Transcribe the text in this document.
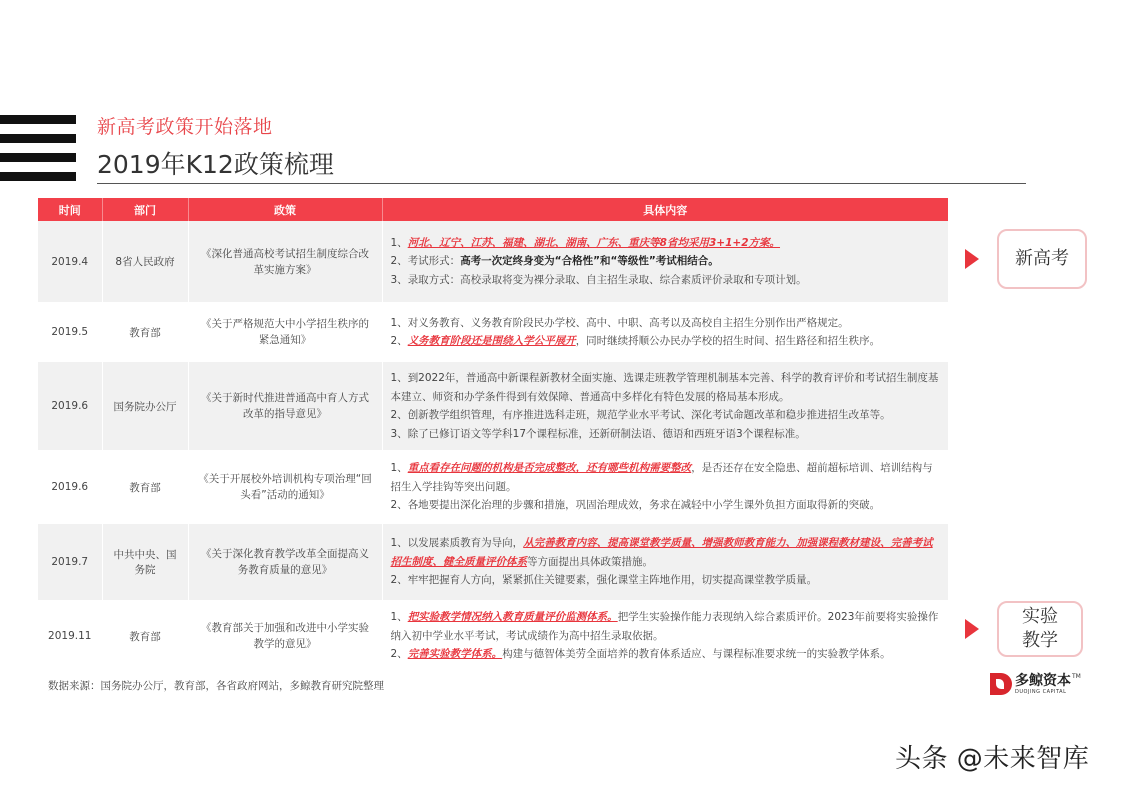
新高考政策开始落地
2019年K12政策梳理
时间	部门	政策	具体内容
2019.4	8省人民政府	《深化普通高校考试招生制度综合改革实施方案》	1、河北、辽宁、江苏、福建、湖北、湖南、广东、重庆等8省均采用3+1+2方案。
2、考试形式：高考一次定终身变为“合格性”和“等级性”考试相结合。
3、录取方式：高校录取将变为裸分录取、自主招生录取、综合素质评价录取和专项计划。

2019.5	教育部	《关于严格规范大中小学招生秩序的紧急通知》	1、对义务教育、义务教育阶段民办学校、高中、中职、高考以及高校自主招生分别作出严格规定。
2、义务教育阶段还是围绕入学公平展开，同时继续捋顺公办民办学校的招生时间、招生路径和招生秩序。

2019.6	国务院办公厅	《关于新时代推进普通高中育人方式改革的指导意见》	1、到2022年，普通高中新课程新教材全面实施、选课走班教学管理机制基本完善、科学的教育评价和考试招生制度基本建立、师资和办学条件得到有效保障、普通高中多样化有特色发展的格局基本形成。
2、创新教学组织管理，有序推进选科走班，规范学业水平考试、深化考试命题改革和稳步推进招生改革等。
3、除了已修订语文等学科17个课程标准，还新研制法语、德语和西班牙语3个课程标准。

2019.6	教育部	《关于开展校外培训机构专项治理“回头看”活动的通知》	1、重点看存在问题的机构是否完成整改，还有哪些机构需要整改，是否还存在安全隐患、超前超标培训、培训结构与招生入学挂钩等突出问题。
2、各地要提出深化治理的步骤和措施，巩固治理成效，务求在减轻中小学生课外负担方面取得新的突破。

2019.7	中共中央、国务院	《关于深化教育教学改革全面提高义务教育质量的意见》	1、以发展素质教育为导向，从完善教育内容、提高课堂教学质量、增强教师教育能力、加强课程教材建设、完善考试招生制度、健全质量评价体系等方面提出具体政策措施。
2、牢牢把握育人方向，紧紧抓住关键要素，强化课堂主阵地作用，切实提高课堂教学质量。

2019.11	教育部	《教育部关于加强和改进中小学实验教学的意见》	1、把实验教学情况纳入教育质量评价监测体系。把学生实验操作能力表现纳入综合素质评价。2023年前要将实验操作纳入初中学业水平考试，考试成绩作为高中招生录取依据。
2、完善实验教学体系。构建与德智体美劳全面培养的教育体系适应、与课程标准要求统一的实验教学体系。
新高考
实验教学
数据来源：国务院办公厅，教育部，各省政府网站，多鲸教育研究院整理	多鲸资本
DUOJING CAPITAL
TM
头条 @未来智库
